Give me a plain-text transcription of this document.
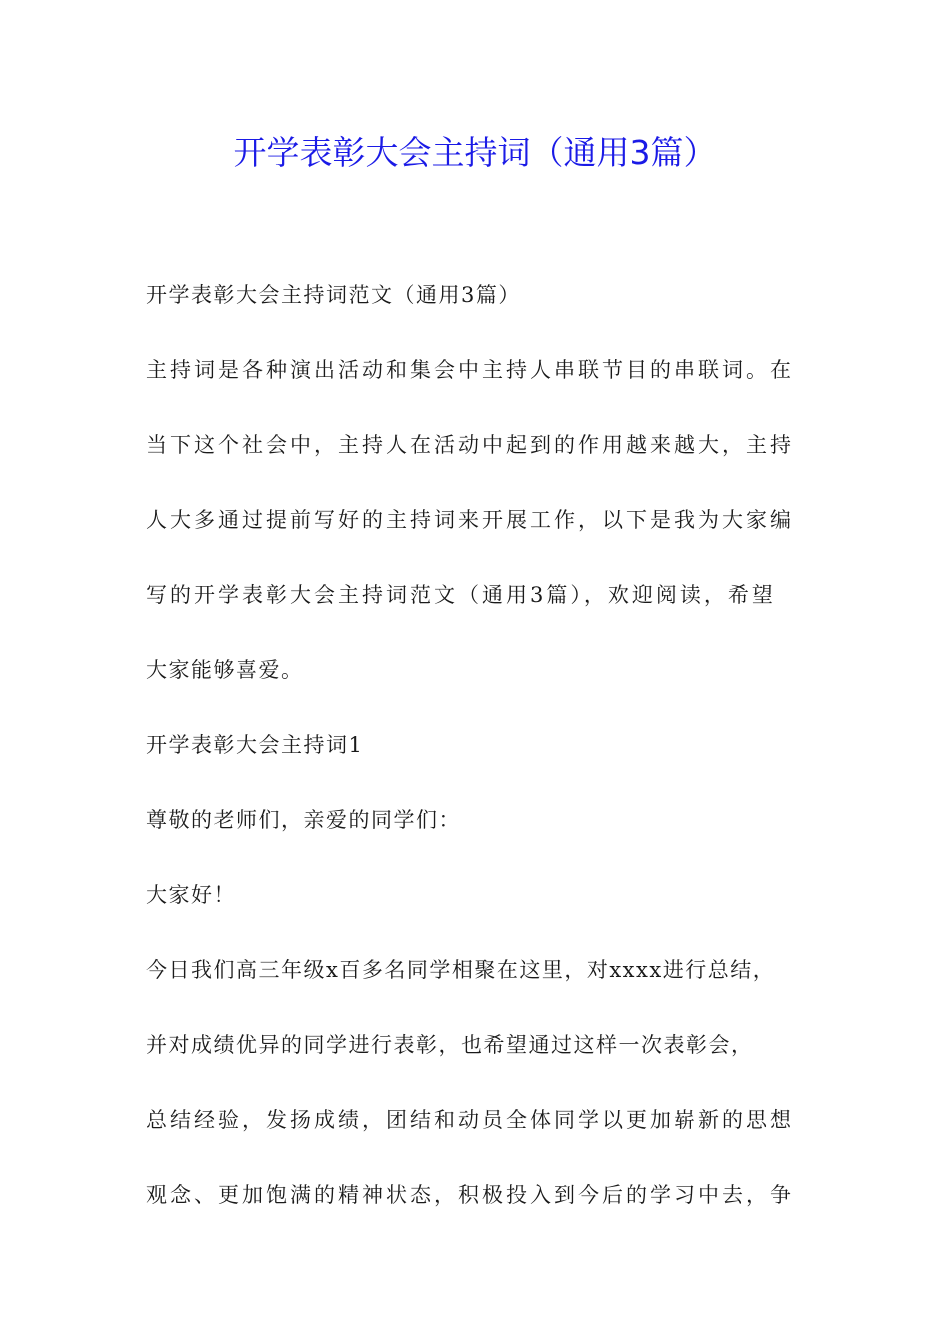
开学表彰大会主持词（通用3篇）

开学表彰大会主持词范文（通用3篇）

主持词是各种演出活动和集会中主持人串联节目的串联词。在

当下这个社会中，主持人在活动中起到的作用越来越大，主持

人大多通过提前写好的主持词来开展工作，以下是我为大家编

写的开学表彰大会主持词范文（通用3篇），欢迎阅读，希望

大家能够喜爱。

开学表彰大会主持词1

尊敬的老师们，亲爱的同学们：

大家好！

今日我们高三年级x百多名同学相聚在这里，对xxxx进行总结，

并对成绩优异的同学进行表彰，也希望通过这样一次表彰会，

总结经验，发扬成绩，团结和动员全体同学以更加崭新的思想

观念、更加饱满的精神状态，积极投入到今后的学习中去，争
